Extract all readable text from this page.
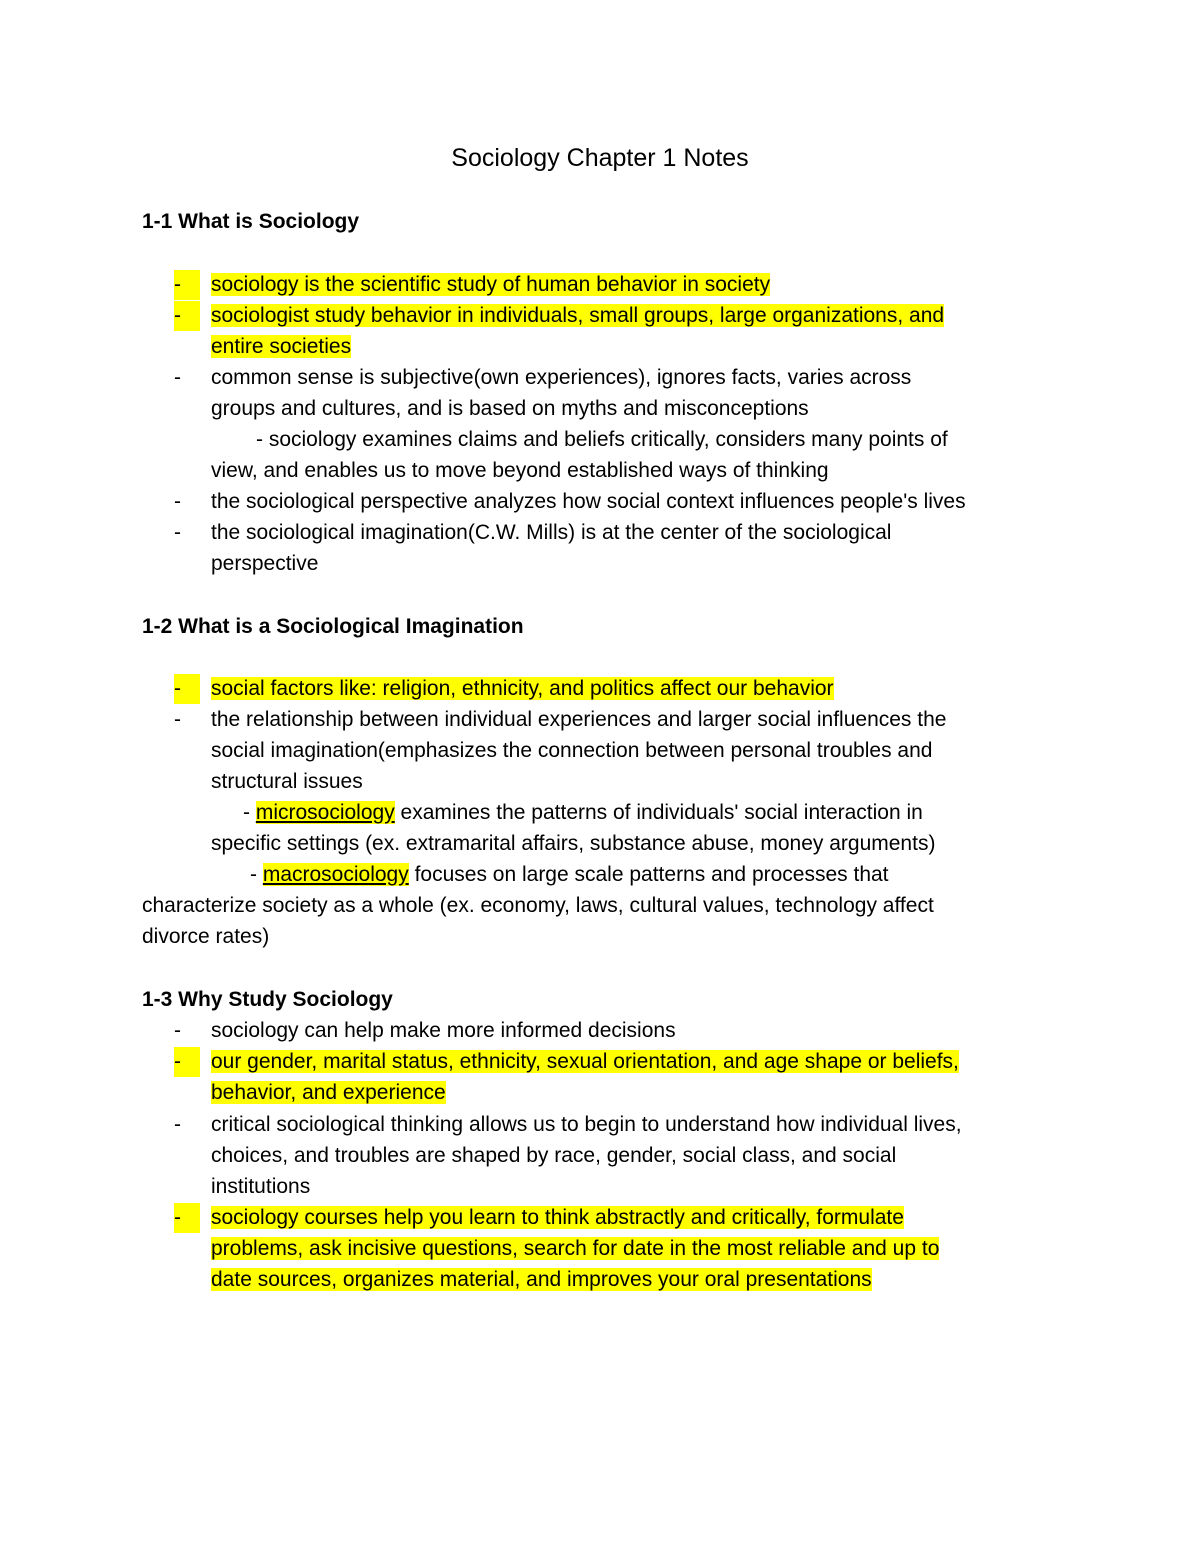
Sociology Chapter 1 Notes
1-1 What is Sociology
-	sociology is the scientific study of human behavior in society
-	sociologist study behavior in individuals, small groups, large organizations, and
entire societies
-	common sense is subjective(own experiences), ignores facts, varies across
groups and cultures, and is based on myths and misconceptions
- sociology examines claims and beliefs critically, considers many points of
view, and enables us to move beyond established ways of thinking
-	the sociological perspective analyzes how social context influences people's lives
-	the sociological imagination(C.W. Mills) is at the center of the sociological
perspective
1-2 What is a Sociological Imagination
-	social factors like: religion, ethnicity, and politics affect our behavior
-	the relationship between individual experiences and larger social influences the
social imagination(emphasizes the connection between personal troubles and
structural issues
- microsociology examines the patterns of individuals' social interaction in
specific settings (ex. extramarital affairs, substance abuse, money arguments)
- macrosociology focuses on large scale patterns and processes that
characterize society as a whole (ex. economy, laws, cultural values, technology affect
divorce rates)
1-3 Why Study Sociology
-	sociology can help make more informed decisions
-	our gender, marital status, ethnicity, sexual orientation, and age shape or beliefs,
behavior, and experience
-	critical sociological thinking allows us to begin to understand how individual lives,
choices, and troubles are shaped by race, gender, social class, and social
institutions
-	sociology courses help you learn to think abstractly and critically, formulate
problems, ask incisive questions, search for date in the most reliable and up to
date sources, organizes material, and improves your oral presentations
